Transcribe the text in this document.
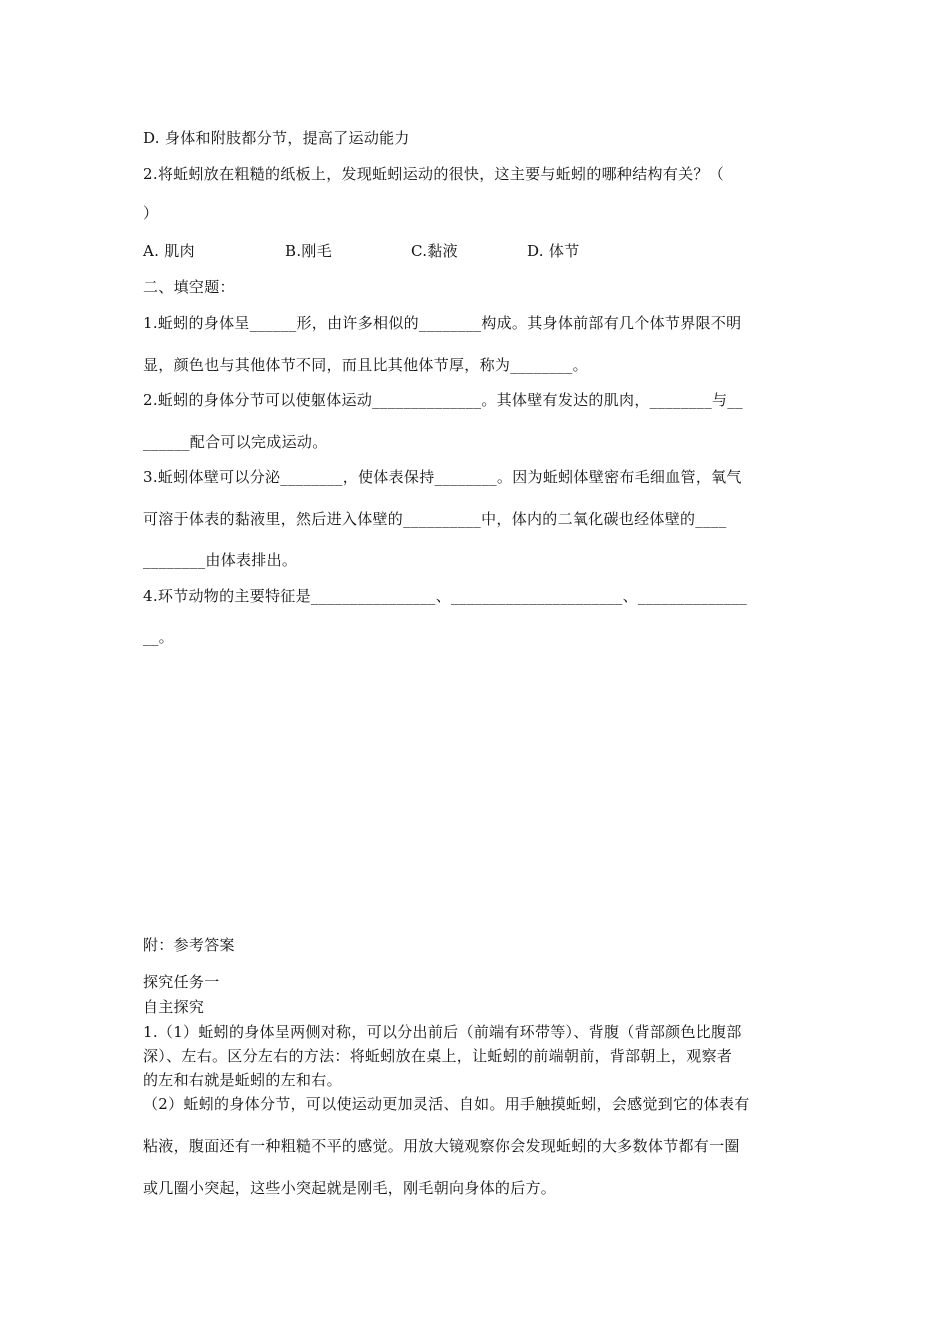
D. 身体和附肢都分节，提高了运动能力
2.将蚯蚓放在粗糙的纸板上，发现蚯蚓运动的很快，这主要与蚯蚓的哪种结构有关？（
）
A. 肌肉	B.刚毛	C.黏液	D. 体节
二、填空题：
1.蚯蚓的身体呈______形，由许多相似的________构成。其身体前部有几个体节界限不明
显，颜色也与其他体节不同，而且比其他体节厚，称为________。
2.蚯蚓的身体分节可以使躯体运动______________。其体壁有发达的肌肉，________与__
______配合可以完成运动。
3.蚯蚓体壁可以分泌________，使体表保持________。因为蚯蚓体壁密布毛细血管，氧气
可溶于体表的黏液里，然后进入体壁的__________中，体内的二氧化碳也经体壁的____
________由体表排出。
4.环节动物的主要特征是________________、______________________、______________
__。
附：参考答案
探究任务一
自主探究
1.（1）蚯蚓的身体呈两侧对称，可以分出前后（前端有环带等）、背腹（背部颜色比腹部
深）、左右。区分左右的方法：将蚯蚓放在桌上，让蚯蚓的前端朝前，背部朝上，观察者
的左和右就是蚯蚓的左和右。
（2）蚯蚓的身体分节，可以使运动更加灵活、自如。用手触摸蚯蚓，会感觉到它的体表有
粘液，腹面还有一种粗糙不平的感觉。用放大镜观察你会发现蚯蚓的大多数体节都有一圈
或几圈小突起，这些小突起就是刚毛，刚毛朝向身体的后方。
